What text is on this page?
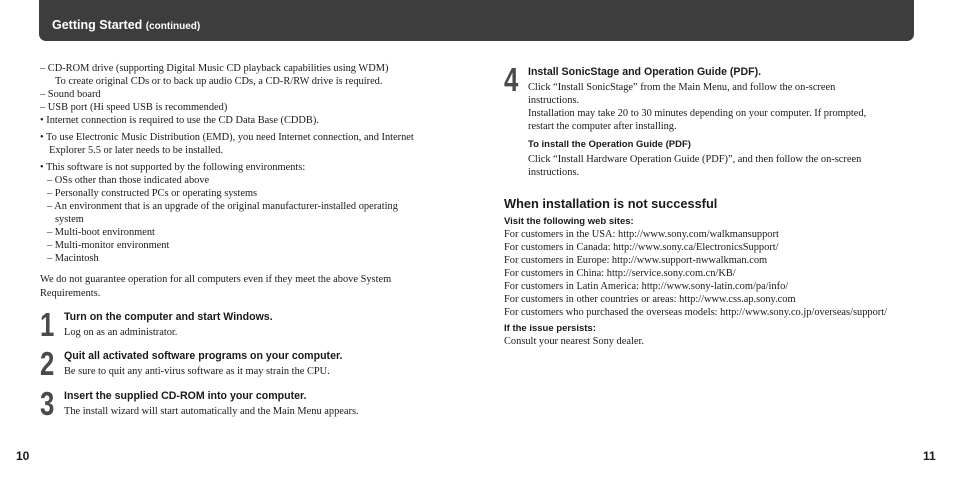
Getting Started (continued)
– CD-ROM drive (supporting Digital Music CD playback capabilities using WDM)
To create original CDs or to back up audio CDs, a CD-R/RW drive is required.
– Sound board
– USB port (Hi speed USB is recommended)
• Internet connection is required to use the CD Data Base (CDDB).
• To use Electronic Music Distribution (EMD), you need Internet connection, and Internet
Explorer 5.5 or later needs to be installed.
• This software is not supported by the following environments:
– OSs other than those indicated above
– Personally constructed PCs or operating systems
– An environment that is an upgrade of the original manufacturer-installed operating
system
– Multi-boot environment
– Multi-monitor environment
– Macintosh
We do not guarantee operation for all computers even if they meet the above System
Requirements.
1 Turn on the computer and start Windows.
Log on as an administrator.
2 Quit all activated software programs on your computer.
Be sure to quit any anti-virus software as it may strain the CPU.
3 Insert the supplied CD-ROM into your computer.
The install wizard will start automatically and the Main Menu appears.
4 Install SonicStage and Operation Guide (PDF).
Click “Install SonicStage” from the Main Menu, and follow the on-screen
instructions.
Installation may take 20 to 30 minutes depending on your computer. If prompted,
restart the computer after installing.
To install the Operation Guide (PDF)
Click “Install Hardware Operation Guide (PDF)”, and then follow the on-screen
instructions.
When installation is not successful
Visit the following web sites:
For customers in the USA: http://www.sony.com/walkmansupport
For customers in Canada: http://www.sony.ca/ElectronicsSupport/
For customers in Europe: http://www.support-nwwalkman.com
For customers in China: http://service.sony.com.cn/KB/
For customers in Latin America: http://www.sony-latin.com/pa/info/
For customers in other countries or areas: http://www.css.ap.sony.com
For customers who purchased the overseas models: http://www.sony.co.jp/overseas/support/
If the issue persists:
Consult your nearest Sony dealer.
10	11
